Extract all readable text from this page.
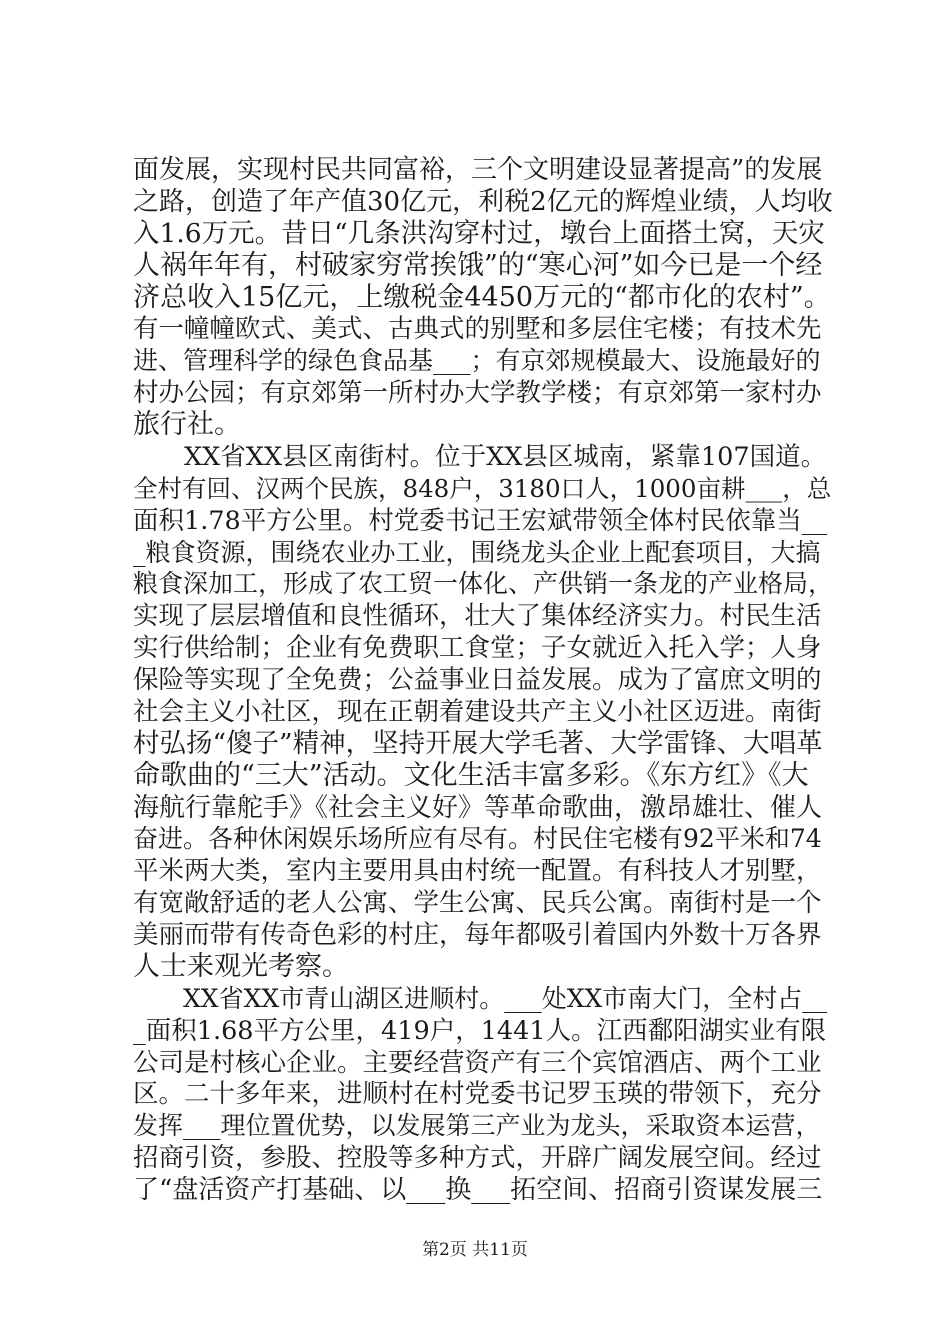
面发展，实现村民共同富裕，三个文明建设显著提高”的发展
之路，创造了年产值30亿元，利税2亿元的辉煌业绩，人均收
入1.6万元。昔日“几条洪沟穿村过，墩台上面搭土窝，天灾
人祸年年有，村破家穷常挨饿”的“寒心河”如今已是一个经
济总收入15亿元，上缴税金4450万元的“都市化的农村”。
有一幢幢欧式、美式、古典式的别墅和多层住宅楼；有技术先
进、管理科学的绿色食品基___；有京郊规模最大、设施最好的
村办公园；有京郊第一所村办大学教学楼；有京郊第一家村办
旅行社。
　　XX省XX县区南街村。位于XX县区城南，紧靠107国道。
全村有回、汉两个民族，848户，3180口人，1000亩耕___，总
面积1.78平方公里。村党委书记王宏斌带领全体村民依靠当__
_粮食资源，围绕农业办工业，围绕龙头企业上配套项目，大搞
粮食深加工，形成了农工贸一体化、产供销一条龙的产业格局，
实现了层层增值和良性循环，壮大了集体经济实力。村民生活
实行供给制；企业有免费职工食堂；子女就近入托入学；人身
保险等实现了全免费；公益事业日益发展。成为了富庶文明的
社会主义小社区，现在正朝着建设共产主义小社区迈进。南街
村弘扬“傻子”精神，坚持开展大学毛著、大学雷锋、大唱革
命歌曲的“三大”活动。文化生活丰富多彩。《东方红》《大
海航行靠舵手》《社会主义好》等革命歌曲，激昂雄壮、催人
奋进。各种休闲娱乐场所应有尽有。村民住宅楼有92平米和74
平米两大类，室内主要用具由村统一配置。有科技人才别墅，
有宽敞舒适的老人公寓、学生公寓、民兵公寓。南街村是一个
美丽而带有传奇色彩的村庄，每年都吸引着国内外数十万各界
人士来观光考察。
　　XX省XX市青山湖区进顺村。___处XX市南大门，全村占__
_面积1.68平方公里，419户，1441人。江西鄱阳湖实业有限
公司是村核心企业。主要经营资产有三个宾馆酒店、两个工业
区。二十多年来，进顺村在村党委书记罗玉瑛的带领下，充分
发挥___理位置优势，以发展第三产业为龙头，采取资本运营，
招商引资，参股、控股等多种方式，开辟广阔发展空间。经过
了“盘活资产打基础、以___换___拓空间、招商引资谋发展三
第2页 共11页
